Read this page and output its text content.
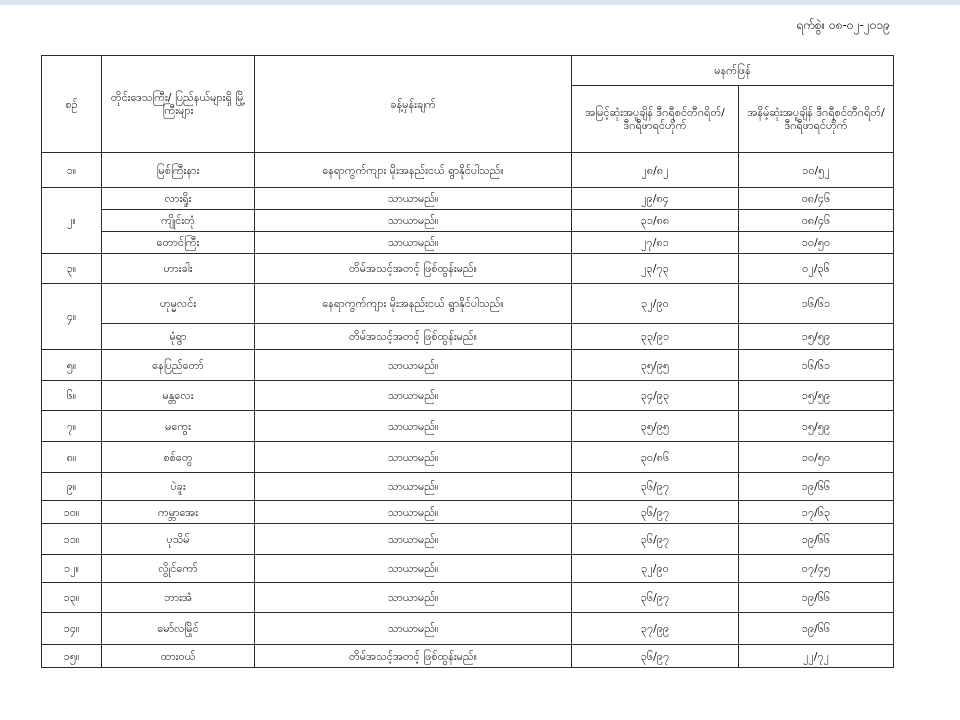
ရက်စွဲ။ ၀၈-၀၂-၂၀၁၉
စဉ်	တိုင်းဒေသကြီး/ ပြည်နယ်များရှိ မြို့ကြီးများ	ခန့်မှန်းချက်	မနက်ဖြန်	
			အမြင့်ဆုံးအပူချိန် ဒီဂရီစင်တီဂရိတ်/ ဒီဂရီဖာရင်ဟိုက်	အနိမ့်ဆုံးအပူချိန် ဒီဂရီစင်တီဂရိတ်/ ဒီဂရီဖာရင်ဟိုက်
၁။	မြစ်ကြီးနား	နေရာကွက်ကျား မိုးအနည်းငယ် ရွာနိုင်ပါသည်။	၂၈/၈၂	၁၀/၅၂
၂။	လားရှိုး	သာယာမည်။	၂၉/၈၄	၀၈/၄၆
	ကျိုင်းတုံ	သာယာမည်။	၃၁/၈၈	၀၈/၄၆
	တောင်ကြီး	သာယာမည်။	၂၇/၈၁	၁၀/၅၀
၃။	ဟားခါး	တိမ်အသင့်အတင့် ဖြစ်ထွန်းမည်။	၂၃/၇၃	၀၂/၃၆
၄။	ဟုမ္မလင်း	နေရာကွက်ကျား မိုးအနည်းငယ် ရွာနိုင်ပါသည်။	၃၂/၉၀	၁၆/၆၁
	မုံရွာ	တိမ်အသင့်အတင့် ဖြစ်ထွန်းမည်။	၃၃/၉၁	၁၅/၅၉
၅။	နေပြည်တော်	သာယာမည်။	၃၅/၉၅	၁၆/၆၁
၆။	မန္တလေး	သာယာမည်။	၃၄/၉၃	၁၅/၅၉
၇။	မကွေး	သာယာမည်။	၃၅/၉၅	၁၅/၅၉
၈။	စစ်တွေ	သာယာမည်။	၃၀/၈၆	၁၀/၅၀
၉။	ပဲခူး	သာယာမည်။	၃၆/၉၇	၁၉/၆၆
၁၀။	ကမ္ဘာအေး	သာယာမည်။	၃၆/၉၇	၁၇/၆၃
၁၁။	ပုသိမ်	သာယာမည်။	၃၆/၉၇	၁၉/၆၆
၁၂။	လွိုင်ကော်	သာယာမည်။	၃၂/၉၀	၀၇/၄၅
၁၃။	ဘားအံ	သာယာမည်။	၃၆/၉၇	၁၉/၆၆
၁၄။	မော်လမြိုင်	သာယာမည်။	၃၇/၉၉	၁၉/၆၆
၁၅။	ထားဝယ်	တိမ်အသင့်အတင့် ဖြစ်ထွန်းမည်။	၃၆/၉၇	၂၂/၇၂
